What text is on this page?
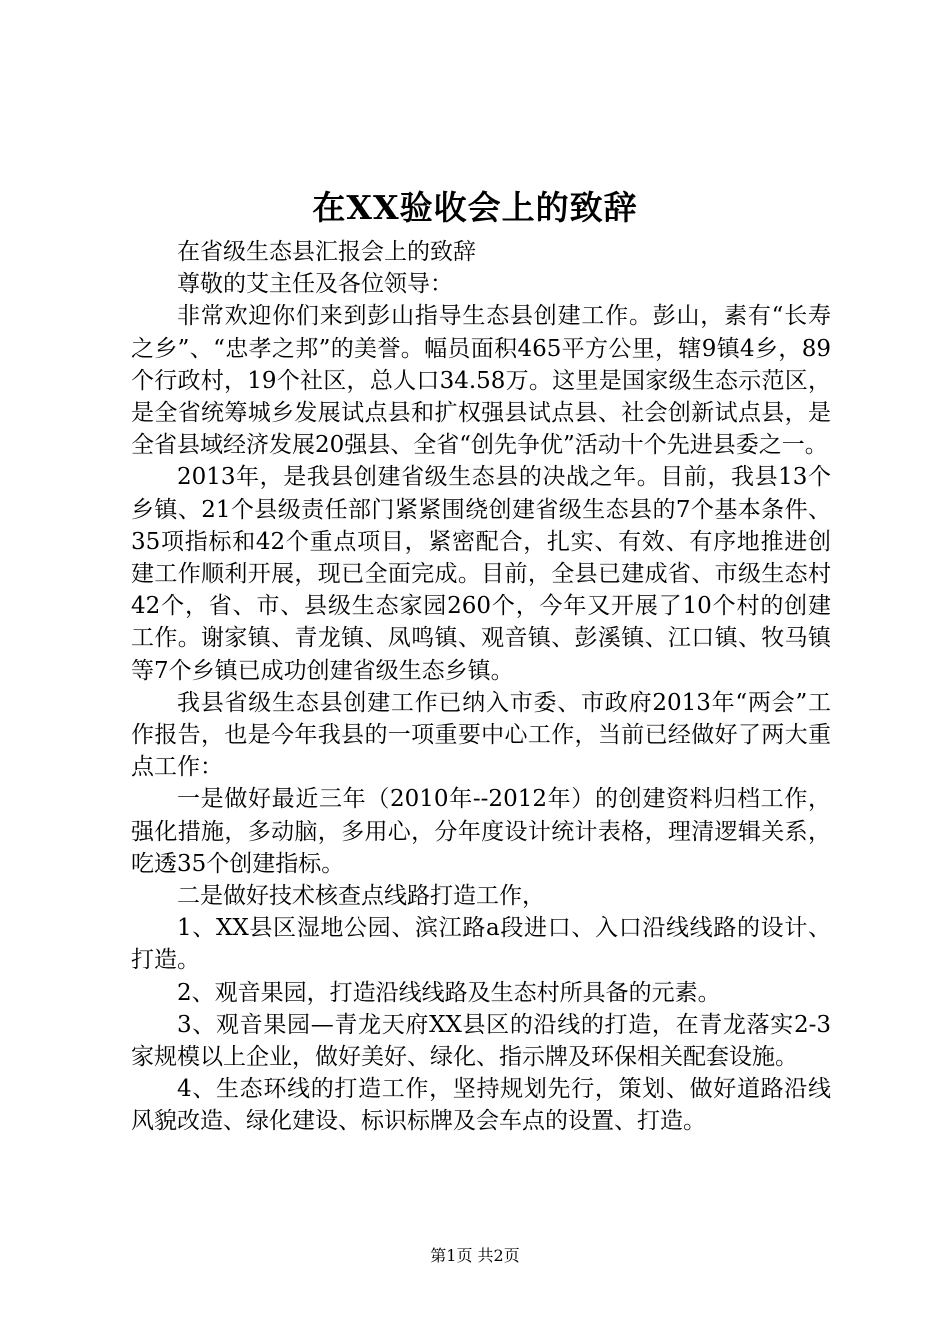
在XX验收会上的致辞

在省级生态县汇报会上的致辞

尊敬的艾主任及各位领导：

非常欢迎你们来到彭山指导生态县创建工作。彭山，素有“长寿之乡”、“忠孝之邦”的美誉。幅员面积465平方公里，辖9镇4乡，89个行政村，19个社区，总人口34.58万。这里是国家级生态示范区，是全省统筹城乡发展试点县和扩权强县试点县、社会创新试点县，是全省县域经济发展20强县、全省“创先争优”活动十个先进县委之一。

2013年，是我县创建省级生态县的决战之年。目前，我县13个乡镇、21个县级责任部门紧紧围绕创建省级生态县的7个基本条件、35项指标和42个重点项目，紧密配合，扎实、有效、有序地推进创建工作顺利开展，现已全面完成。目前，全县已建成省、市级生态村42个，省、市、县级生态家园260个，今年又开展了10个村的创建工作。谢家镇、青龙镇、凤鸣镇、观音镇、彭溪镇、江口镇、牧马镇等7个乡镇已成功创建省级生态乡镇。

我县省级生态县创建工作已纳入市委、市政府2013年“两会”工作报告，也是今年我县的一项重要中心工作，当前已经做好了两大重点工作：

一是做好最近三年（2010年--2012年）的创建资料归档工作，强化措施，多动脑，多用心，分年度设计统计表格，理清逻辑关系，吃透35个创建指标。

二是做好技术核查点线路打造工作，

1、XX县区湿地公园、滨江路a段进口、入口沿线线路的设计、打造。

2、观音果园，打造沿线线路及生态村所具备的元素。

3、观音果园—青龙天府XX县区的沿线的打造，在青龙落实2-3家规模以上企业，做好美好、绿化、指示牌及环保相关配套设施。

4、生态环线的打造工作，坚持规划先行，策划、做好道路沿线风貌改造、绿化建设、标识标牌及会车点的设置、打造。

第1页 共2页
